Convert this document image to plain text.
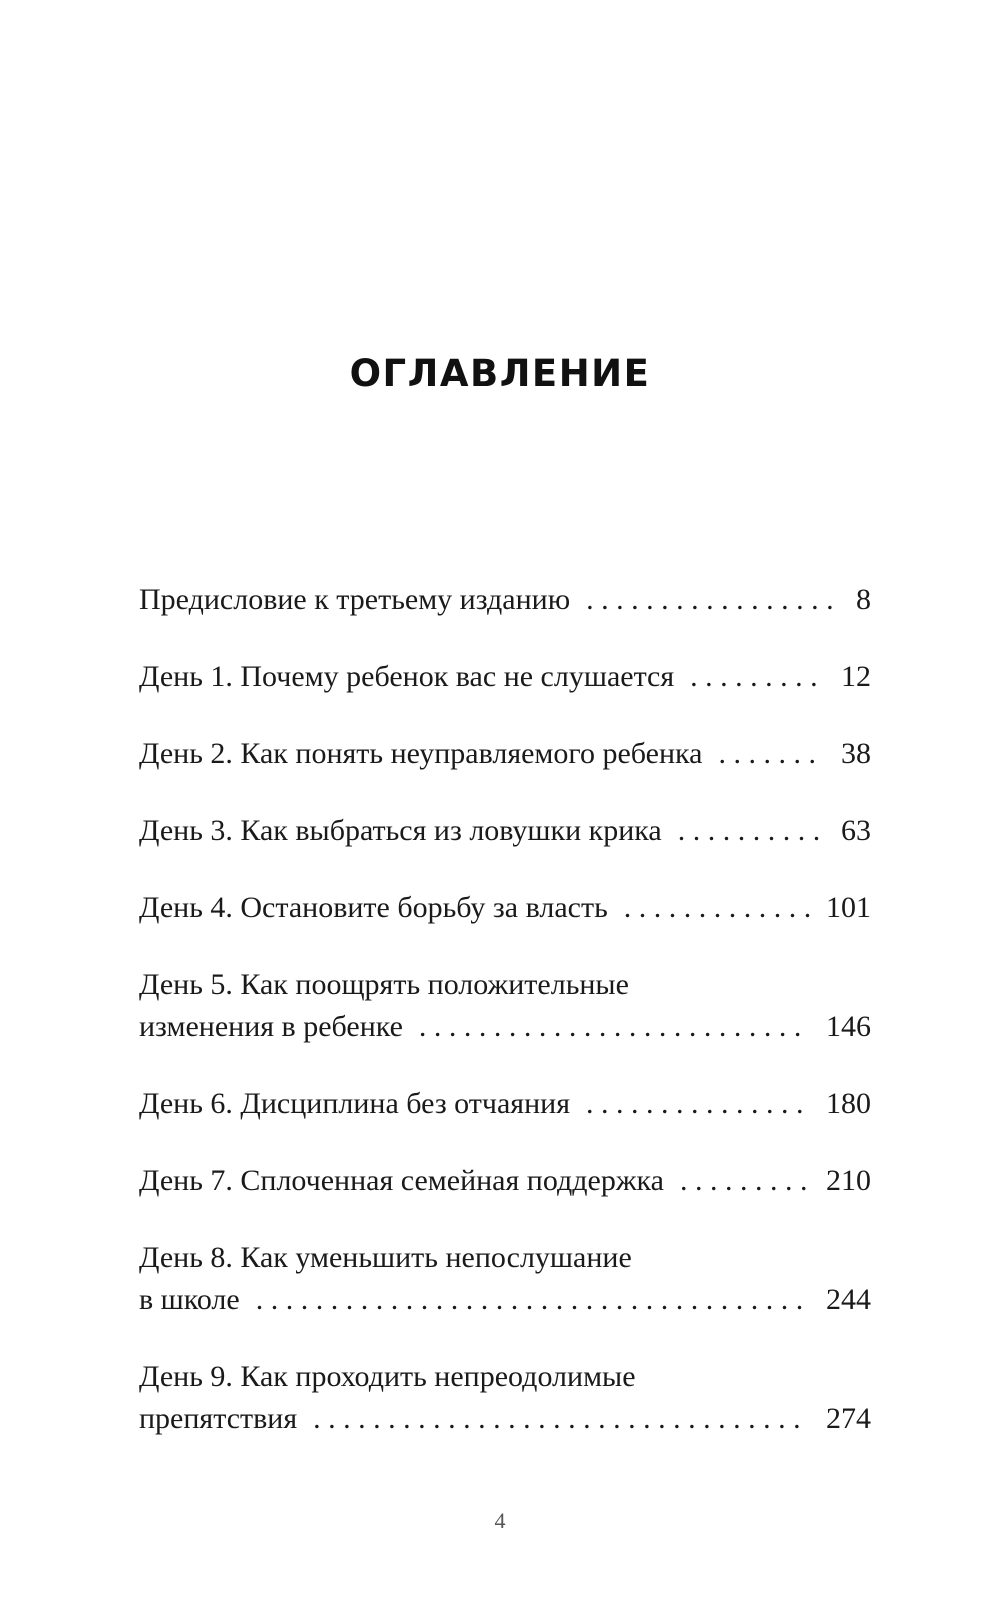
ОГЛАВЛЕНИЕ
Предисловие к третьему изданию . . .	8
День 1. Почему ребенок вас не слушается . . .	12
День 2. Как понять неуправляемого ребенка . . .	38
День 3. Как выбраться из ловушки крика . . .	63
День 4. Остановите борьбу за власть . . .	101
День 5. Как поощрять положительные
изменения в ребенке . . .	146
День 6. Дисциплина без отчаяния . . .	180
День 7. Сплоченная семейная поддержка . . .	210
День 8. Как уменьшить непослушание
в школе . . .	244
День 9. Как проходить непреодолимые
препятствия . . .	274
4
